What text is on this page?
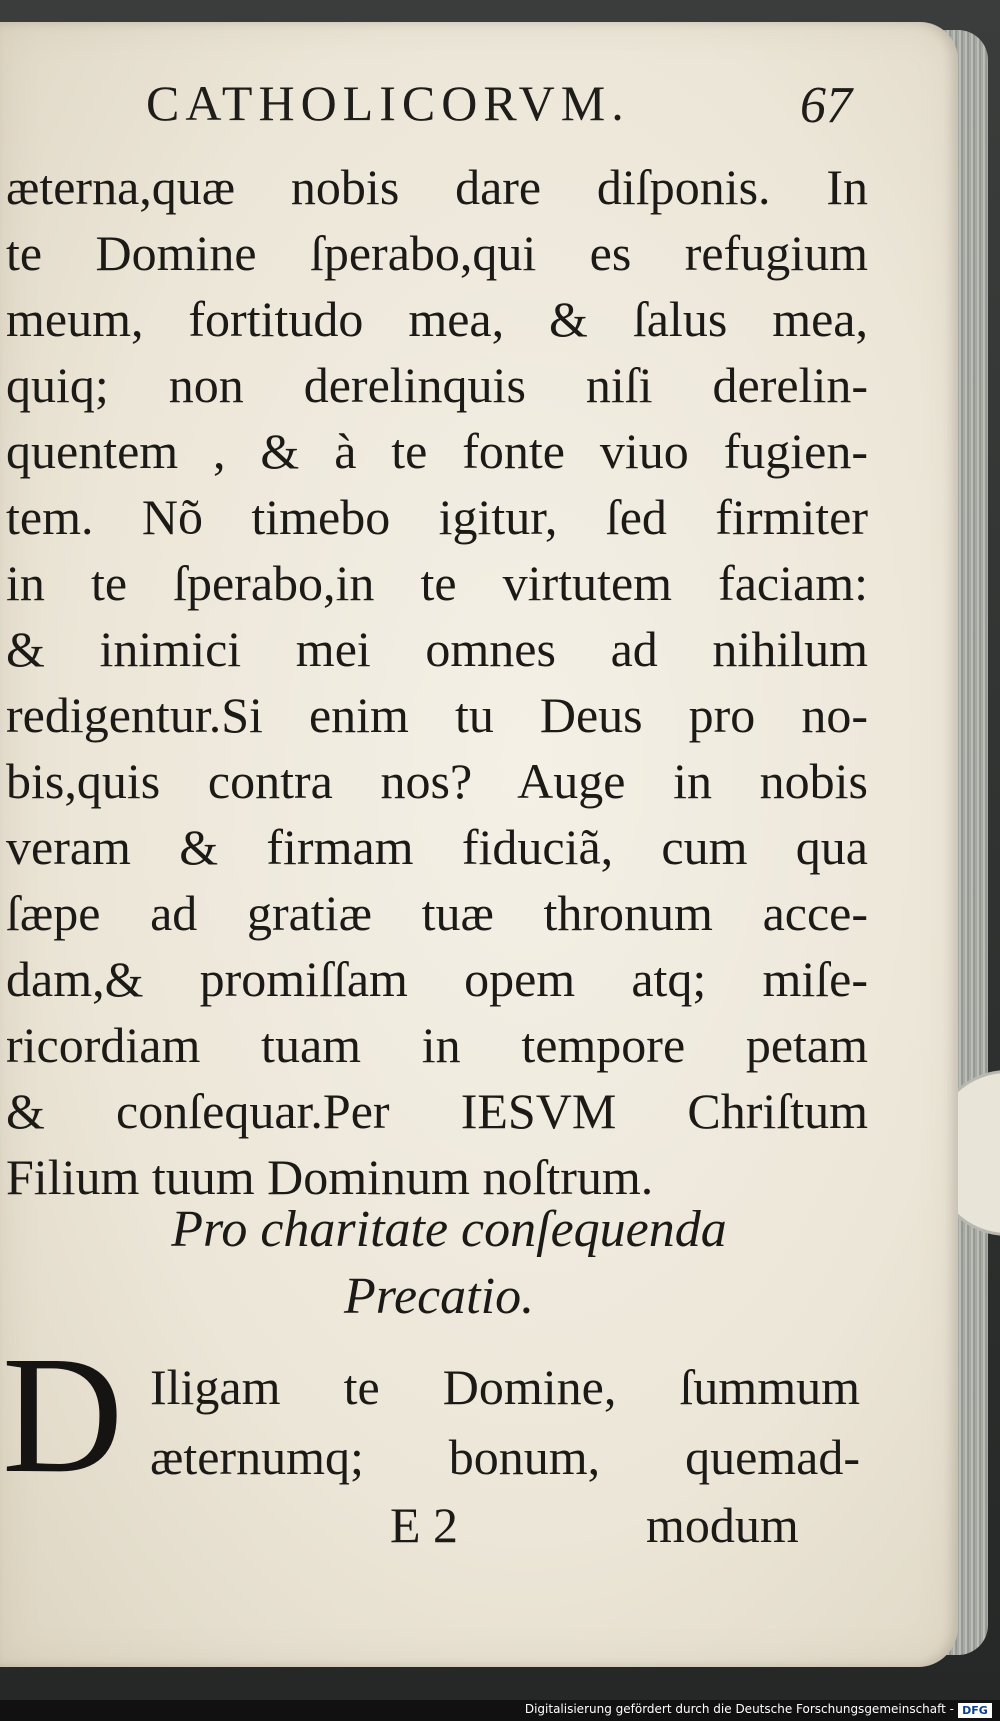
CATHOLICORVM.	67
æterna,quæ nobis dare diſponis. In
te Domine ſperabo,qui es refugium
meum, fortitudo mea, & ſalus mea,
quiq; non derelinquis niſi derelin-
quentem , & à te fonte viuo fugien-
tem. Nõ timebo igitur, ſed firmiter
in te ſperabo,in te virtutem faciam:
& inimici mei omnes ad nihilum
redigentur.Si enim tu Deus pro no-
bis,quis contra nos? Auge in nobis
veram & firmam fiduciã, cum qua
ſæpe ad gratiæ tuæ thronum acce-
dam,& promiſſam opem atq; miſe-
ricordiam tuam in tempore petam
& conſequar.Per IESVM Chriſtum
Filium tuum Dominum noſtrum.
Pro charitate conſequenda
Precatio.
D Iligam te Domine, ſummum
æternumq; bonum, quemad-
E 2	modum
Digitalisierung gefördert durch die Deutsche Forschungsgemeinschaft - DFG
